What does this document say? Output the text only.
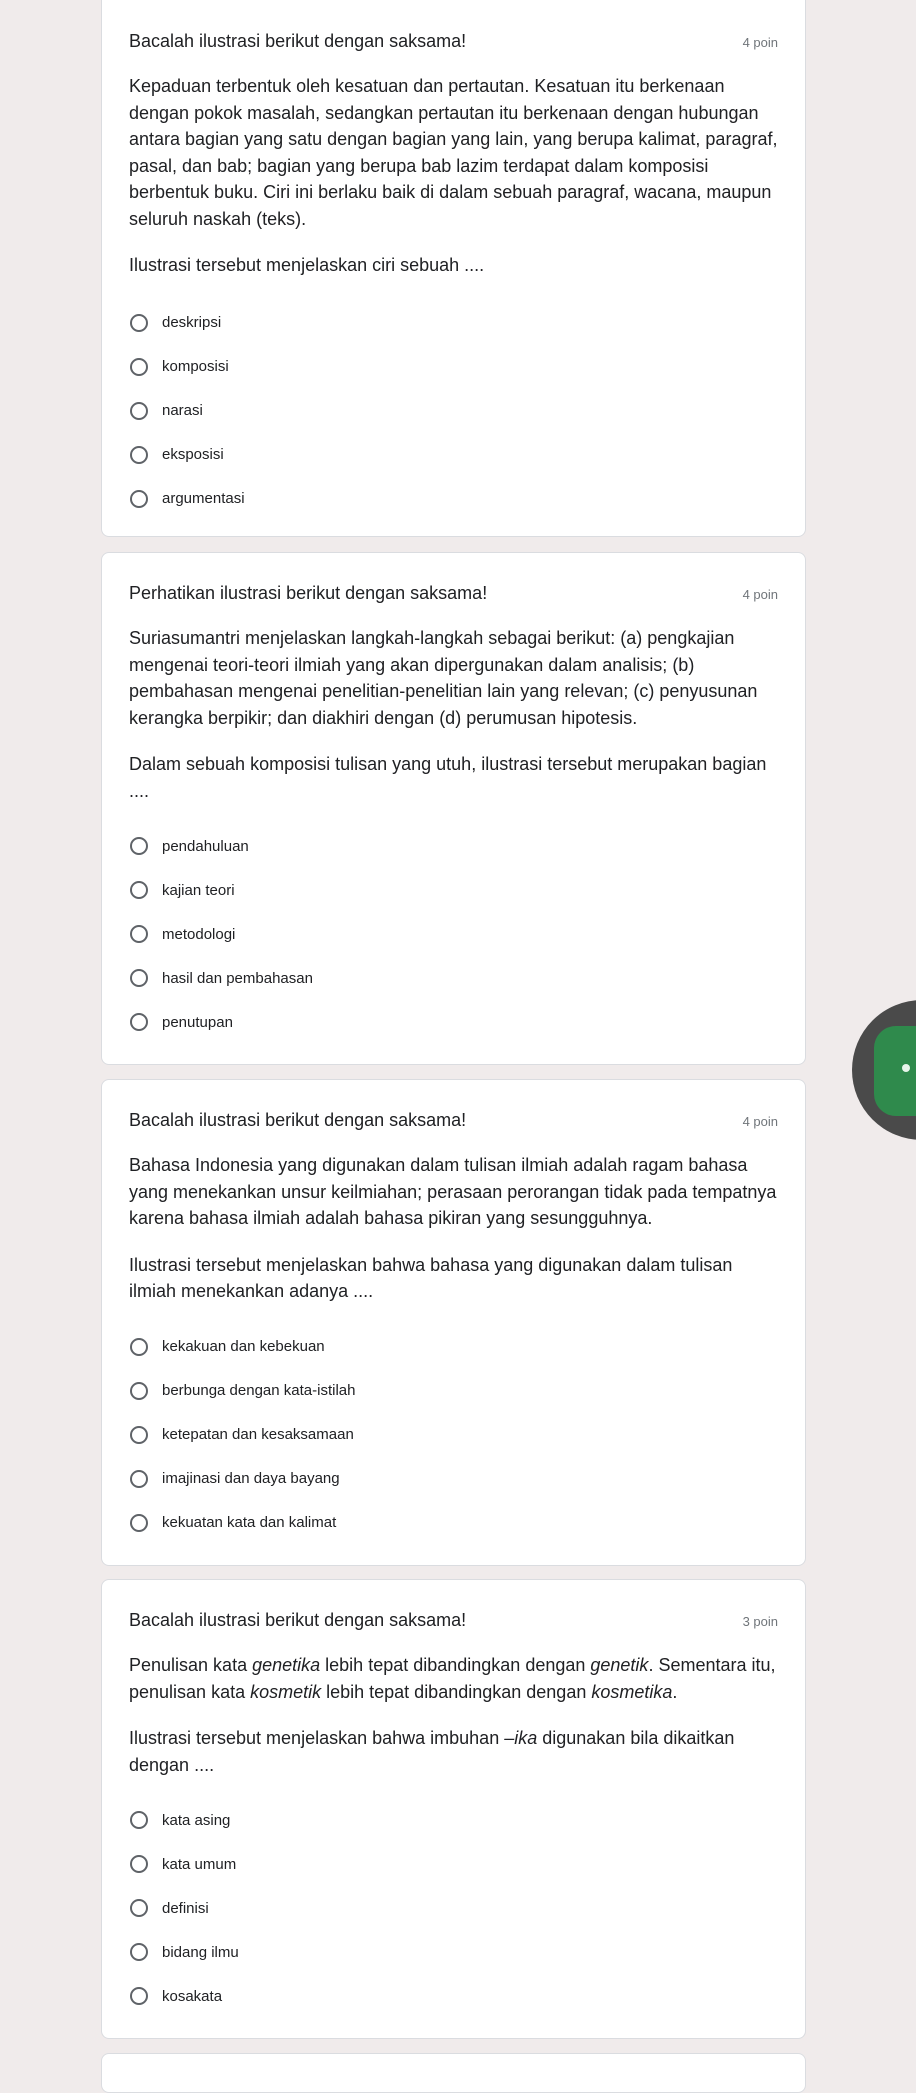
Bacalah ilustrasi berikut dengan saksama!	4 poin
Kepaduan terbentuk oleh kesatuan dan pertautan. Kesatuan itu berkenaan dengan pokok masalah, sedangkan pertautan itu berkenaan dengan hubungan antara bagian yang satu dengan bagian yang lain, yang berupa kalimat, paragraf, pasal, dan bab; bagian yang berupa bab lazim terdapat dalam komposisi berbentuk buku. Ciri ini berlaku baik di dalam sebuah paragraf, wacana, maupun seluruh naskah (teks).
Ilustrasi tersebut menjelaskan ciri sebuah ....
deskripsi
komposisi
narasi
eksposisi
argumentasi

Perhatikan ilustrasi berikut dengan saksama!	4 poin
Suriasumantri menjelaskan langkah-langkah sebagai berikut: (a) pengkajian mengenai teori-teori ilmiah yang akan dipergunakan dalam analisis; (b) pembahasan mengenai penelitian-penelitian lain yang relevan; (c) penyusunan kerangka berpikir; dan diakhiri dengan (d) perumusan hipotesis.
Dalam sebuah komposisi tulisan yang utuh, ilustrasi tersebut merupakan bagian ....
pendahuluan
kajian teori
metodologi
hasil dan pembahasan
penutupan

Bacalah ilustrasi berikut dengan saksama!	4 poin
Bahasa Indonesia yang digunakan dalam tulisan ilmiah adalah ragam bahasa yang menekankan unsur keilmiahan; perasaan perorangan tidak pada tempatnya karena bahasa ilmiah adalah bahasa pikiran yang sesungguhnya.
Ilustrasi tersebut menjelaskan bahwa bahasa yang digunakan dalam tulisan ilmiah menekankan adanya ....
kekakuan dan kebekuan
berbunga dengan kata-istilah
ketepatan dan kesaksamaan
imajinasi dan daya bayang
kekuatan kata dan kalimat

Bacalah ilustrasi berikut dengan saksama!	3 poin
Penulisan kata genetika lebih tepat dibandingkan dengan genetik. Sementara itu, penulisan kata kosmetik lebih tepat dibandingkan dengan kosmetika.
Ilustrasi tersebut menjelaskan bahwa imbuhan –ika digunakan bila dikaitkan dengan ....
kata asing
kata umum
definisi
bidang ilmu
kosakata
